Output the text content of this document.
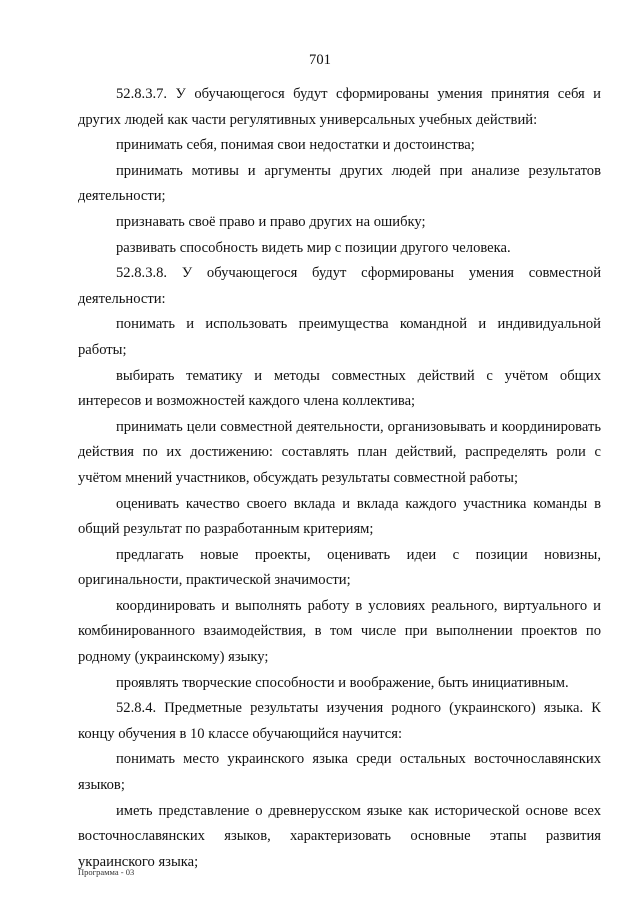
701

52.8.3.7. У обучающегося будут сформированы умения принятия себя и других людей как части регулятивных универсальных учебных действий:

принимать себя, понимая свои недостатки и достоинства;

принимать мотивы и аргументы других людей при анализе результатов деятельности;

признавать своё право и право других на ошибку;

развивать способность видеть мир с позиции другого человека.

52.8.3.8. У обучающегося будут сформированы умения совместной деятельности:

понимать и использовать преимущества командной и индивидуальной работы;

выбирать тематику и методы совместных действий с учётом общих интересов и возможностей каждого члена коллектива;

принимать цели совместной деятельности, организовывать и координировать действия по их достижению: составлять план действий, распределять роли с учётом мнений участников, обсуждать результаты совместной работы;

оценивать качество своего вклада и вклада каждого участника команды в общий результат по разработанным критериям;

предлагать новые проекты, оценивать идеи с позиции новизны, оригинальности, практической значимости;

координировать и выполнять работу в условиях реального, виртуального и комбинированного взаимодействия, в том числе при выполнении проектов по родному (украинскому) языку;

проявлять творческие способности и воображение, быть инициативным.

52.8.4. Предметные результаты изучения родного (украинского) языка. К концу обучения в 10 классе обучающийся научится:

понимать место украинского языка среди остальных восточнославянских языков;

иметь представление о древнерусском языке как исторической основе всех восточнославянских языков, характеризовать основные этапы развития украинского языка;

Программа - 03
